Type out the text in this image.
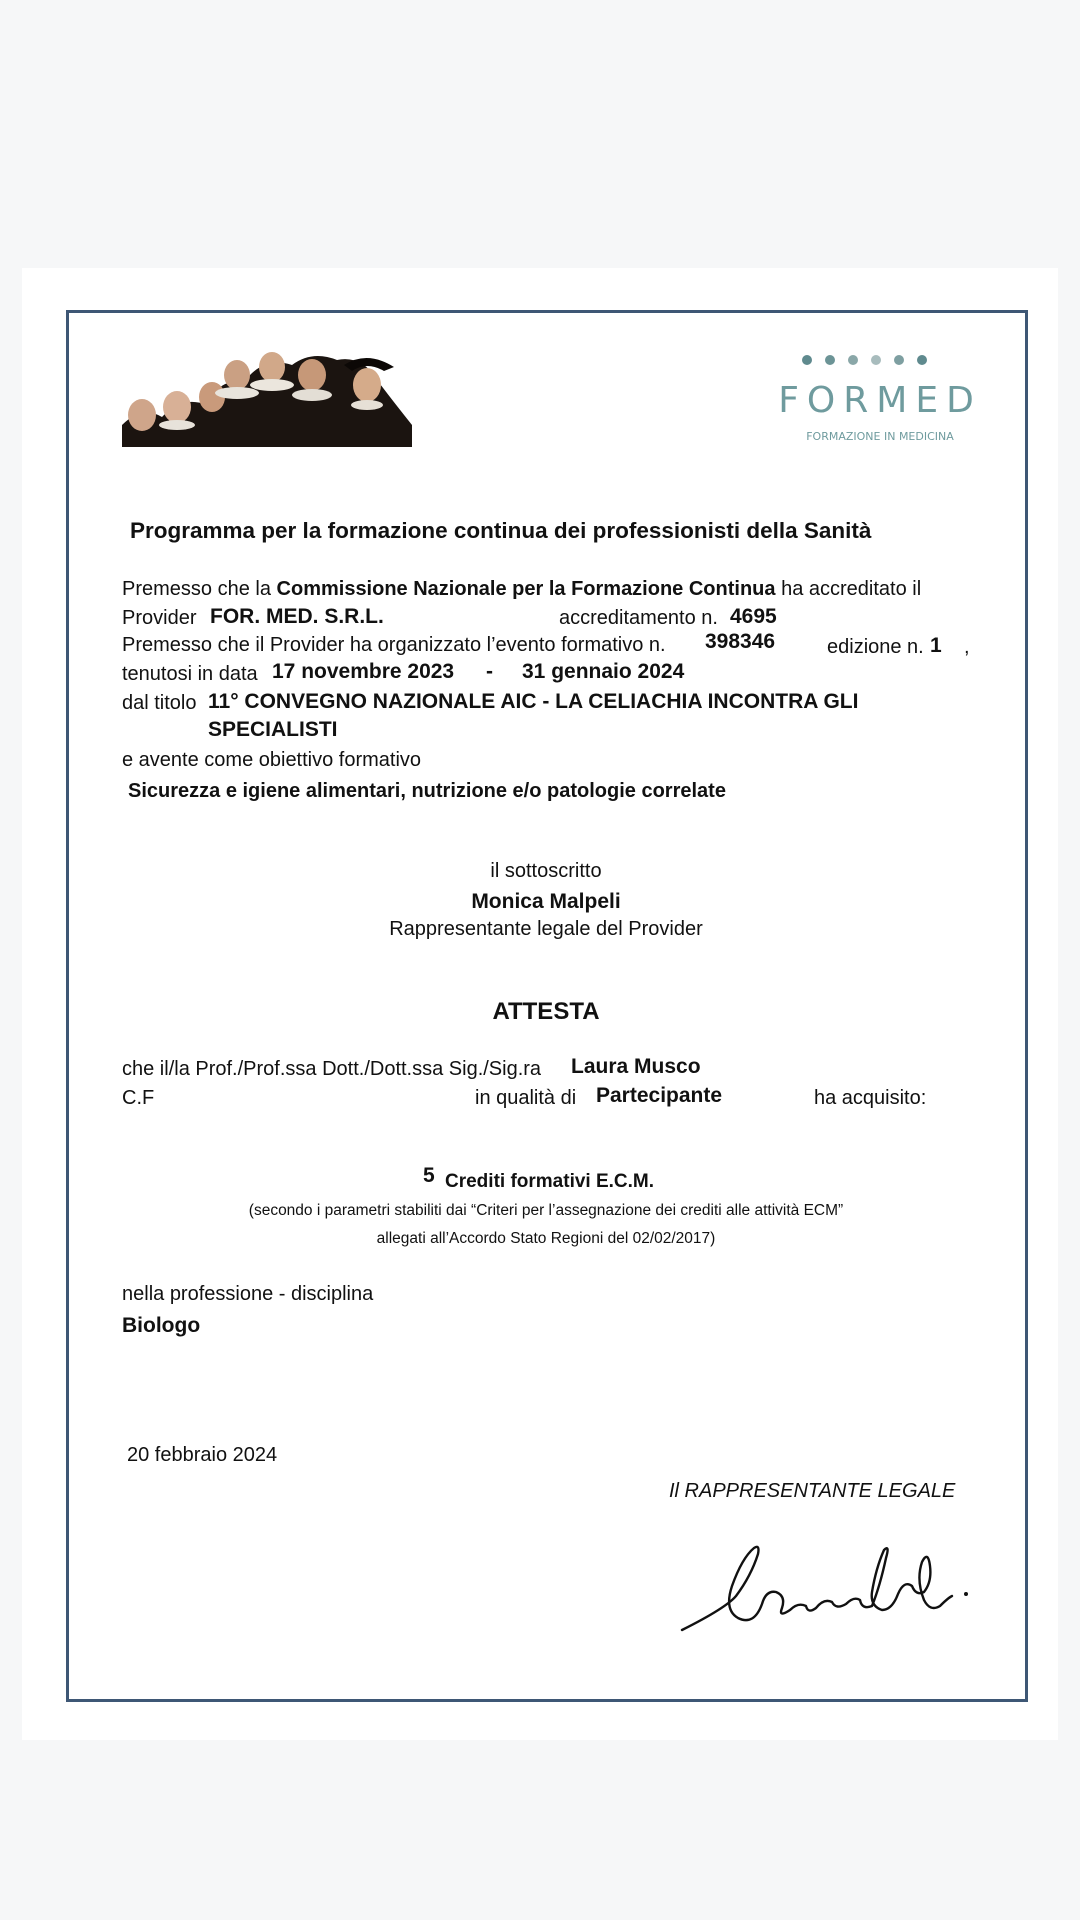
FORMED
FORMAZIONE IN MEDICINA
Programma per la formazione continua dei professionisti della Sanità
Premesso che la Commissione Nazionale per la Formazione Continua ha accreditato il
Provider FOR. MED. S.R.L.	accreditamento n. 4695
Premesso che il Provider ha organizzato l’evento formativo n. 398346	edizione n. 1 ,
tenutosi in data 17 novembre 2023 - 31 gennaio 2024
dal titolo 11° CONVEGNO NAZIONALE AIC - LA CELIACHIA INCONTRA GLI
SPECIALISTI
e avente come obiettivo formativo
Sicurezza e igiene alimentari, nutrizione e/o patologie correlate
il sottoscritto
Monica Malpeli
Rappresentante legale del Provider
ATTESTA
che il/la Prof./Prof.ssa Dott./Dott.ssa Sig./Sig.ra Laura Musco
C.F	in qualità di Partecipante	ha acquisito:
5 Crediti formativi E.C.M.
(secondo i parametri stabiliti dai “Criteri per l’assegnazione dei crediti alle attività ECM”
allegati all’Accordo Stato Regioni del 02/02/2017)
nella professione - disciplina
Biologo
20 febbraio 2024
Il RAPPRESENTANTE LEGALE
